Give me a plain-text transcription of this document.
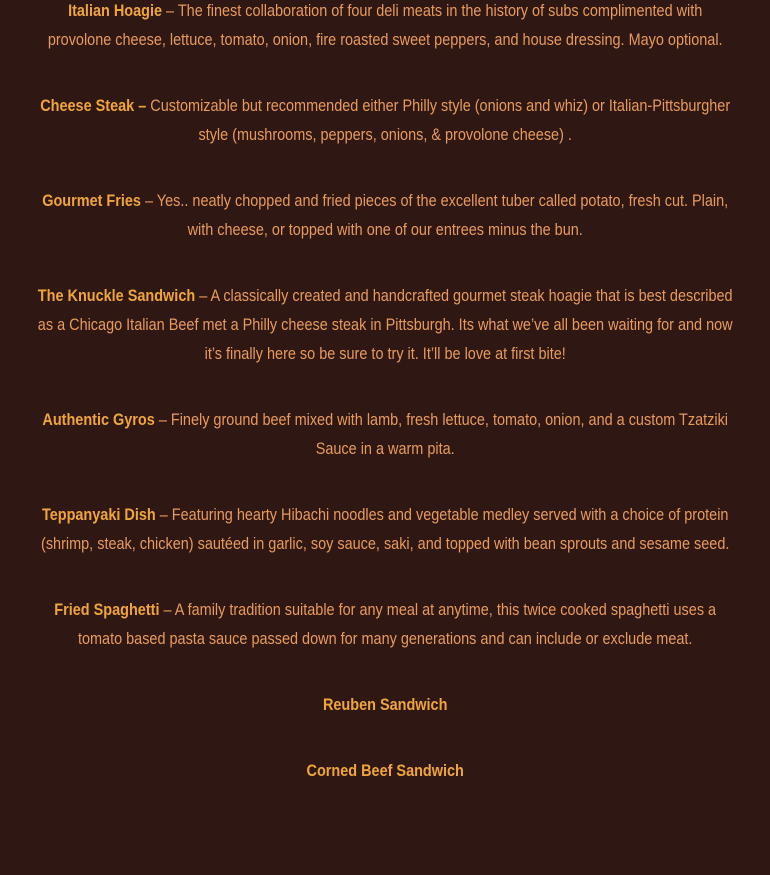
Italian Hoagie – The finest collaboration of four deli meats in the history of subs complimented with provolone cheese, lettuce, tomato, onion, fire roasted sweet peppers, and house dressing. Mayo optional.

Cheese Steak – Customizable but recommended either Philly style (onions and whiz) or Italian-Pittsburgher style (mushrooms, peppers, onions, & provolone cheese) .

Gourmet Fries – Yes.. neatly chopped and fried pieces of the excellent tuber called potato, fresh cut. Plain, with cheese, or topped with one of our entrees minus the bun.

The Knuckle Sandwich – A classically created and handcrafted gourmet steak hoagie that is best described as a Chicago Italian Beef met a Philly cheese steak in Pittsburgh. Its what we’ve all been waiting for and now it’s finally here so be sure to try it. It’ll be love at first bite!

Authentic Gyros – Finely ground beef mixed with lamb, fresh lettuce, tomato, onion, and a custom Tzatziki Sauce in a warm pita.

Teppanyaki Dish – Featuring hearty Hibachi noodles and vegetable medley served with a choice of protein (shrimp, steak, chicken) sautéed in garlic, soy sauce, saki, and topped with bean sprouts and sesame seed.

Fried Spaghetti – A family tradition suitable for any meal at anytime, this twice cooked spaghetti uses a tomato based pasta sauce passed down for many generations and can include or exclude meat.

Reuben Sandwich

Corned Beef Sandwich
